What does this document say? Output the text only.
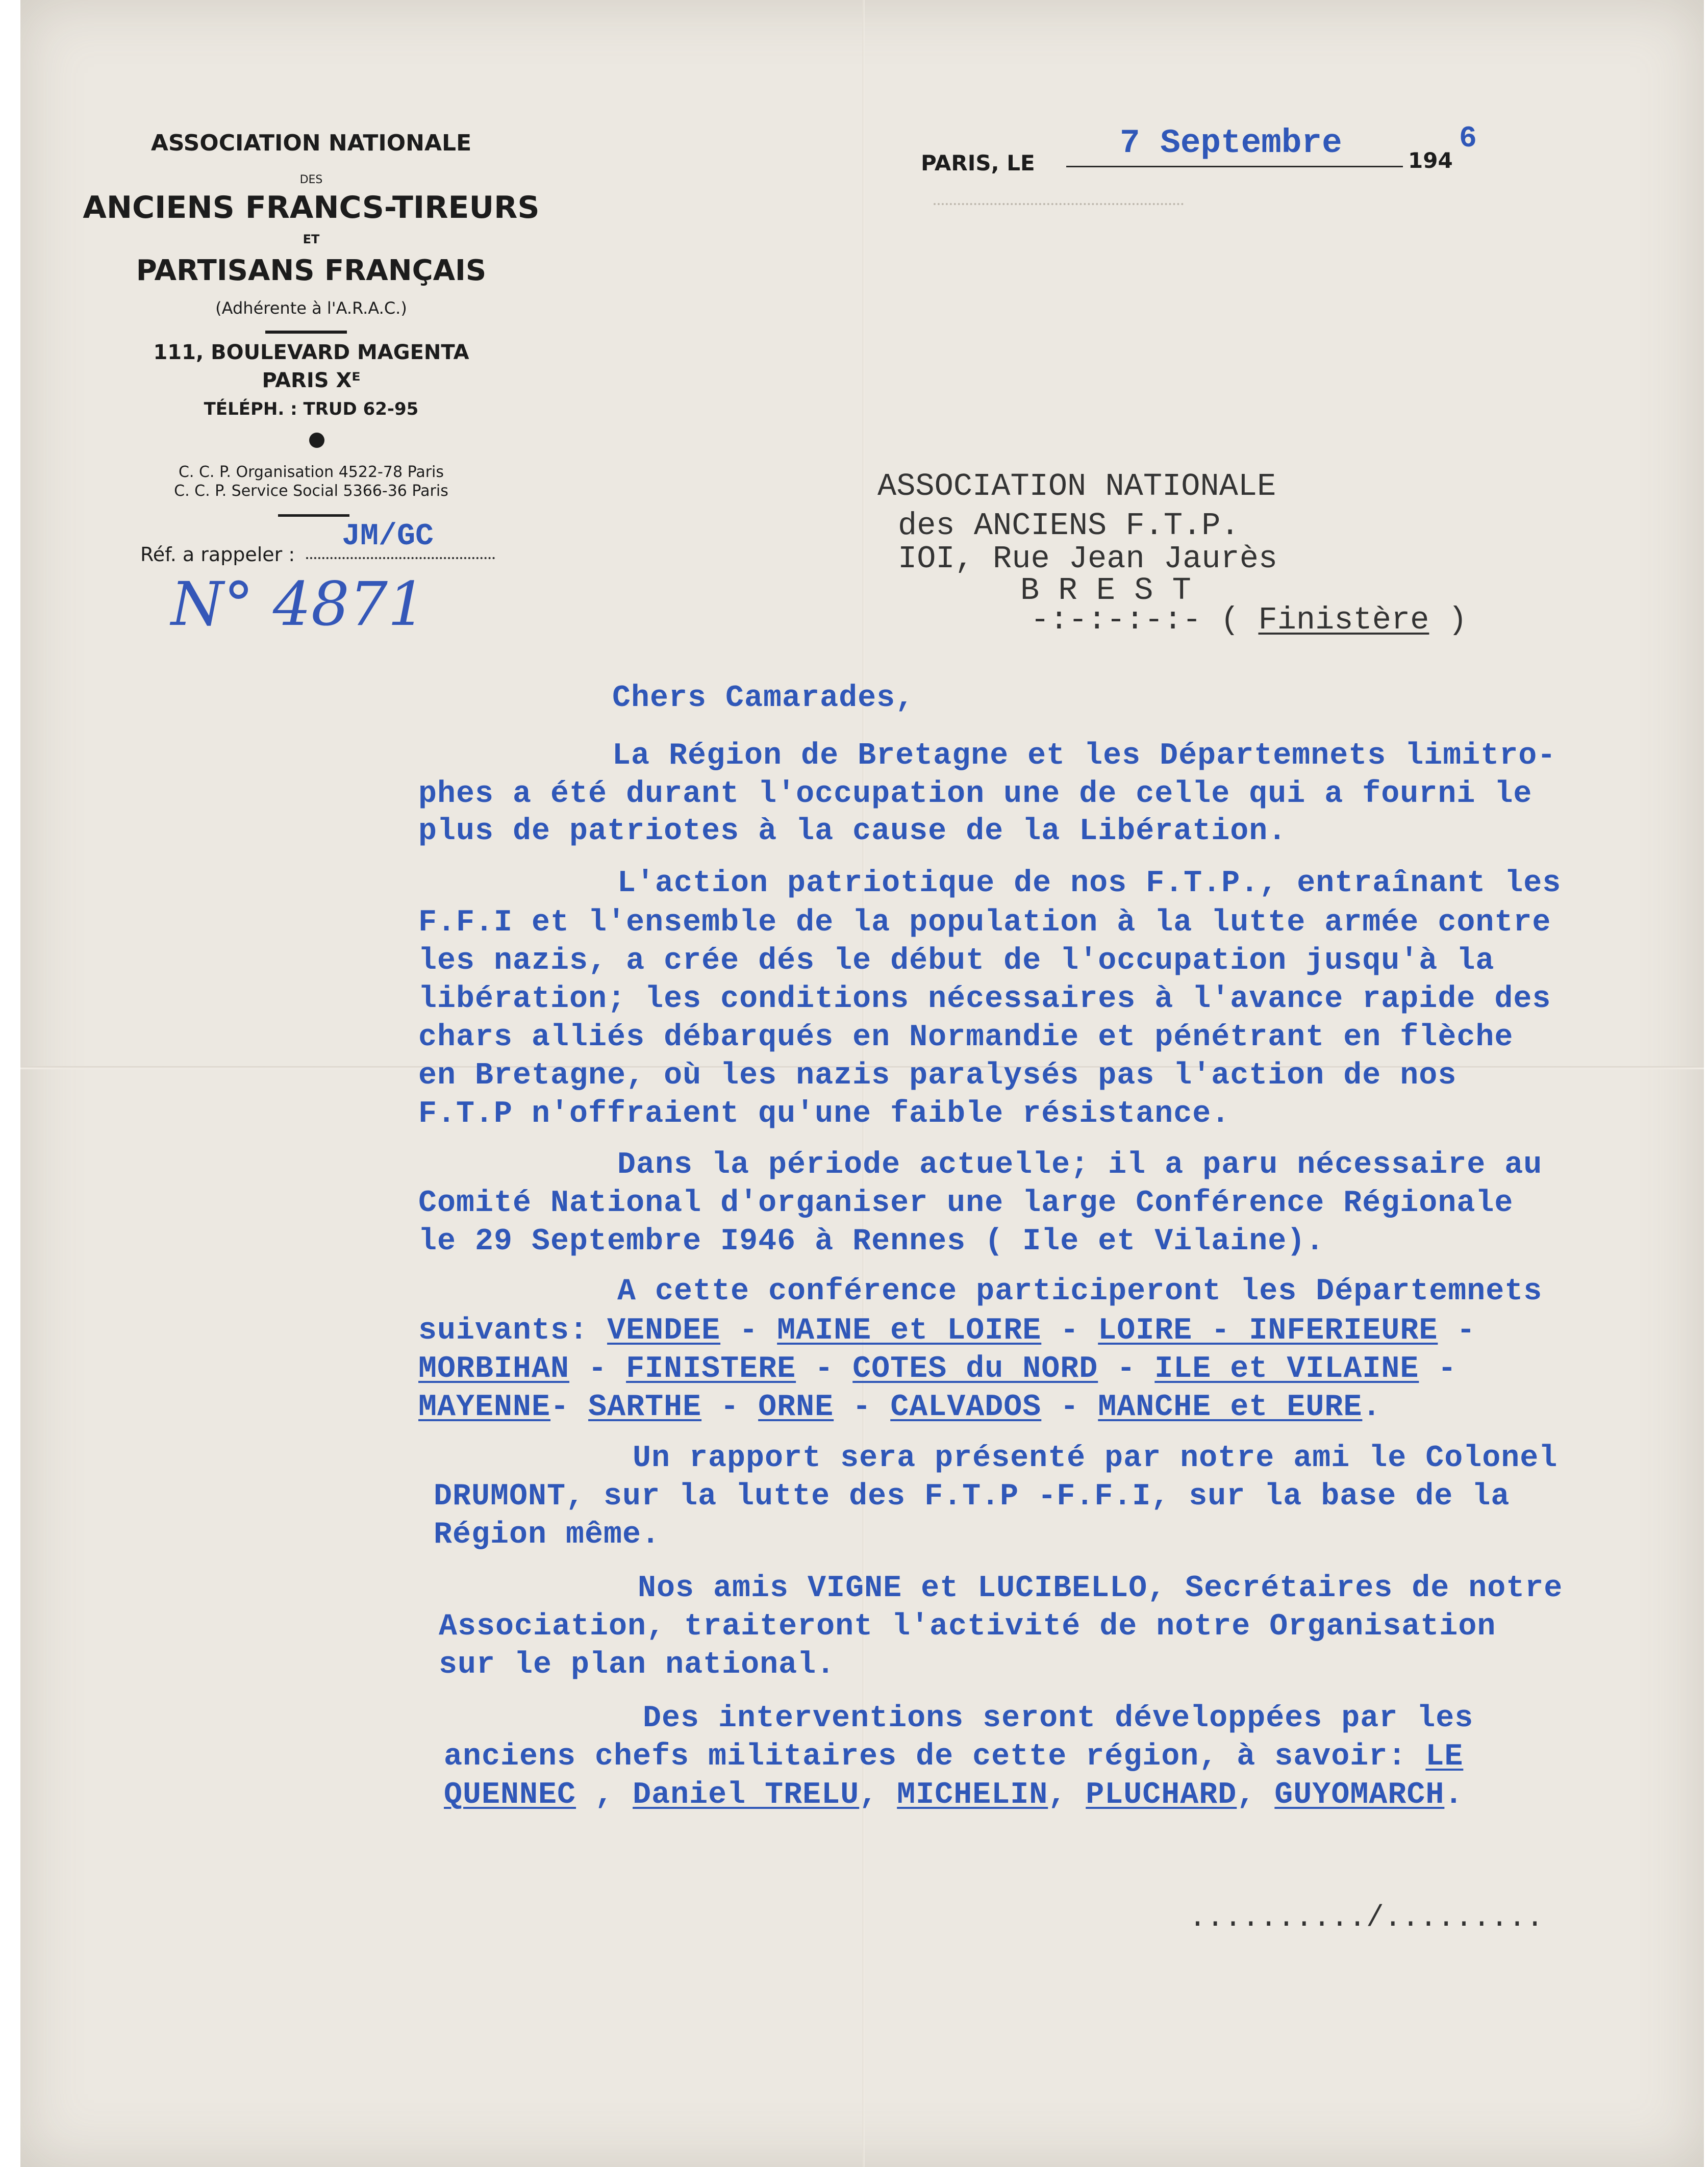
ASSOCIATION NATIONALE
DES
ANCIENS FRANCS-TIREURS
ET
PARTISANS FRANÇAIS
(Adhérente à l'A.R.A.C.)
111, BOULEVARD MAGENTA
PARIS Xᴱ
TÉLÉPH. : TRUD 62-95
C. C. P. Organisation 4522-78 Paris
C. C. P. Service Social 5366-36 Paris
Réf. a rappeler :
JM/GC
N° 4871
PARIS, LE
7 Septembre	194
6
ASSOCIATION NATIONALE
des ANCIENS F.T.P.
IOI, Rue Jean Jaurès
B R E S T
-:-:-:-:- ( Finistère )
Chers Camarades,
La Région de Bretagne et les Départemnets limitro-
phes a été durant l'occupation une de celle qui a fourni le
plus de patriotes à la cause de la Libération.
L'action patriotique de nos F.T.P., entraînant les
F.F.I et l'ensemble de la population à la lutte armée contre
les nazis, a crée dés le début de l'occupation jusqu'à la
libération; les conditions nécessaires à l'avance rapide des
chars alliés débarqués en Normandie et pénétrant en flèche
en Bretagne, où les nazis paralysés pas l'action de nos
F.T.P n'offraient qu'une faible résistance.
Dans la période actuelle; il a paru nécessaire au
Comité National d'organiser une large Conférence Régionale
le 29 Septembre I946 à Rennes ( Ile et Vilaine).
A cette conférence participeront les Départemnets
suivants: VENDEE - MAINE et LOIRE - LOIRE - INFERIEURE -
MORBIHAN - FINISTERE - COTES du NORD - ILE et VILAINE -
MAYENNE- SARTHE - ORNE - CALVADOS - MANCHE et EURE.
Un rapport sera présenté par notre ami le Colonel
DRUMONT, sur la lutte des F.T.P -F.F.I, sur la base de la
Région même.
Nos amis VIGNE et LUCIBELLO, Secrétaires de notre
Association, traiteront l'activité de notre Organisation
sur le plan national.
Des interventions seront développées par les
anciens chefs militaires de cette région, à savoir: LE
QUENNEC , Daniel TRELU, MICHELIN, PLUCHARD, GUYOMARCH.
........../.........
